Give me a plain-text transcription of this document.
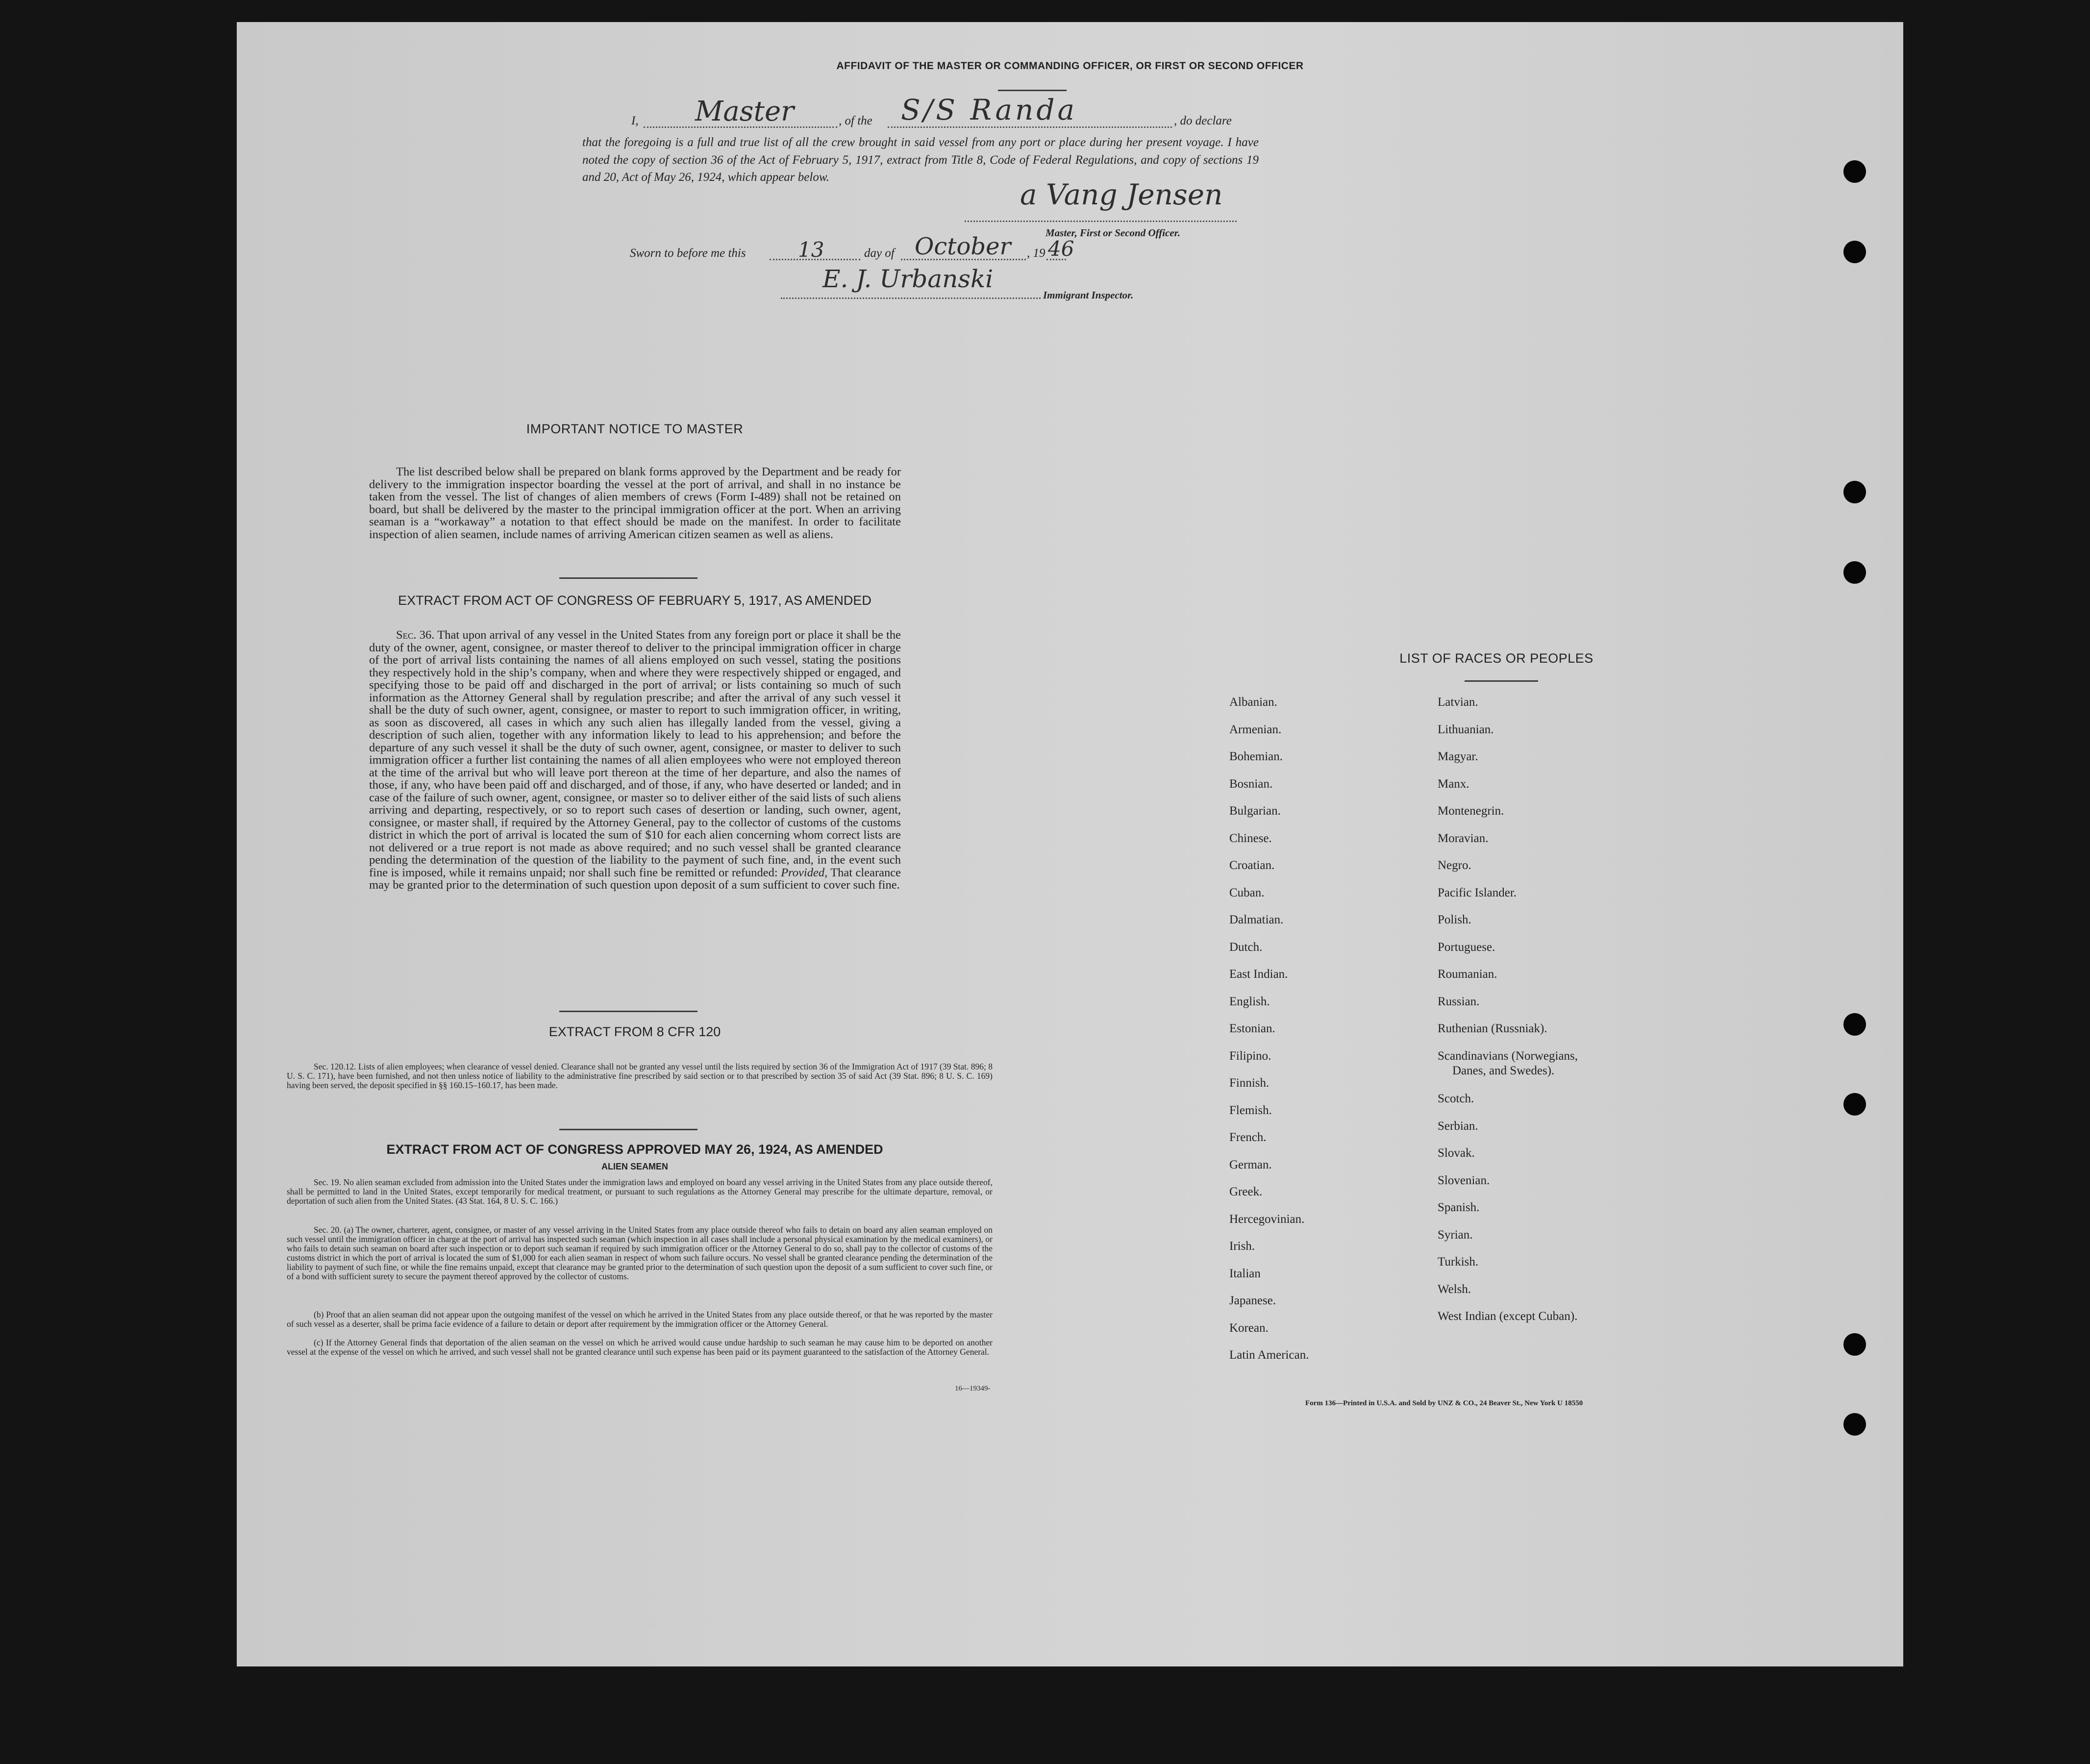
AFFIDAVIT OF THE MASTER OR COMMANDING OFFICER, OR FIRST OR SECOND OFFICER
I, Master	, of the S/S Randa	, do declare
that the foregoing is a full and true list of all the crew brought in said vessel from any port or place during her present voyage. I have noted the copy of section 36 of the Act of February 5, 1917, extract from Title 8, Code of Federal Regulations, and copy of sections 19 and 20, Act of May 26, 1924, which appear below.
a Vang Jensen
Master, First or Second Officer.
Sworn to before me this	13	day of October , 19 46
E. J. Urbanski
Immigrant Inspector.
IMPORTANT NOTICE TO MASTER
The list described below shall be prepared on blank forms approved by the Department and be ready for delivery to the immigration inspector boarding the vessel at the port of arrival, and shall in no instance be taken from the vessel. The list of changes of alien members of crews (Form I-489) shall not be retained on board, but shall be delivered by the master to the principal immigration officer at the port. When an arriving seaman is a “workaway” a notation to that effect should be made on the manifest. In order to facilitate inspection of alien seamen, include names of arriving American citizen seamen as well as aliens.
EXTRACT FROM ACT OF CONGRESS OF FEBRUARY 5, 1917, AS AMENDED
Sec. 36. That upon arrival of any vessel in the United States from any foreign port or place it shall be the duty of the owner, agent, consignee, or master thereof to deliver to the principal immigration officer in charge of the port of arrival lists containing the names of all aliens employed on such vessel, stating the positions they respectively hold in the ship’s company, when and where they were respectively shipped or engaged, and specifying those to be paid off and discharged in the port of arrival; or lists containing so much of such information as the Attorney General shall by regulation prescribe; and after the arrival of any such vessel it shall be the duty of such owner, agent, consignee, or master to report to such immigration officer, in writing, as soon as discovered, all cases in which any such alien has illegally landed from the vessel, giving a description of such alien, together with any information likely to lead to his apprehension; and before the departure of any such vessel it shall be the duty of such owner, agent, consignee, or master to deliver to such immigration officer a further list containing the names of all alien employees who were not employed thereon at the time of the arrival but who will leave port thereon at the time of her departure, and also the names of those, if any, who have been paid off and discharged, and of those, if any, who have deserted or landed; and in case of the failure of such owner, agent, consignee, or master so to deliver either of the said lists of such aliens arriving and departing, respectively, or so to report such cases of desertion or landing, such owner, agent, consignee, or master shall, if required by the Attorney General, pay to the collector of customs of the customs district in which the port of arrival is located the sum of $10 for each alien concerning whom correct lists are not delivered or a true report is not made as above required; and no such vessel shall be granted clearance pending the determination of the question of the liability to the payment of such fine, and, in the event such fine is imposed, while it remains unpaid; nor shall such fine be remitted or refunded: Provided, That clearance may be granted prior to the determination of such question upon deposit of a sum sufficient to cover such fine.
EXTRACT FROM 8 CFR 120
Sec. 120.12. Lists of alien employees; when clearance of vessel denied. Clearance shall not be granted any vessel until the lists required by section 36 of the Immigration Act of 1917 (39 Stat. 896; 8 U. S. C. 171), have been furnished, and not then unless notice of liability to the administrative fine prescribed by said section or to that prescribed by section 35 of said Act (39 Stat. 896; 8 U. S. C. 169) having been served, the deposit specified in §§ 160.15–160.17, has been made.
EXTRACT FROM ACT OF CONGRESS APPROVED MAY 26, 1924, AS AMENDED
ALIEN SEAMEN
Sec. 19. No alien seaman excluded from admission into the United States under the immigration laws and employed on board any vessel arriving in the United States from any place outside thereof, shall be permitted to land in the United States, except temporarily for medical treatment, or pursuant to such regulations as the Attorney General may prescribe for the ultimate departure, removal, or deportation of such alien from the United States. (43 Stat. 164, 8 U. S. C. 166.)
Sec. 20. (a) The owner, charterer, agent, consignee, or master of any vessel arriving in the United States from any place outside thereof who fails to detain on board any alien seaman employed on such vessel until the immigration officer in charge at the port of arrival has inspected such seaman (which inspection in all cases shall include a personal physical examination by the medical examiners), or who fails to detain such seaman on board after such inspection or to deport such seaman if required by such immigration officer or the Attorney General to do so, shall pay to the collector of customs of the customs district in which the port of arrival is located the sum of $1,000 for each alien seaman in respect of whom such failure occurs. No vessel shall be granted clearance pending the determination of the liability to payment of such fine, or while the fine remains unpaid, except that clearance may be granted prior to the determination of such question upon the deposit of a sum sufficient to cover such fine, or of a bond with sufficient surety to secure the payment thereof approved by the collector of customs.
(b) Proof that an alien seaman did not appear upon the outgoing manifest of the vessel on which he arrived in the United States from any place outside thereof, or that he was reported by the master of such vessel as a deserter, shall be prima facie evidence of a failure to detain or deport after requirement by the immigration officer or the Attorney General.
(c) If the Attorney General finds that deportation of the alien seaman on the vessel on which he arrived would cause undue hardship to such seaman he may cause him to be deported on another vessel at the expense of the vessel on which he arrived, and such vessel shall not be granted clearance until such expense has been paid or its payment guaranteed to the satisfaction of the Attorney General.
16—19349-
LIST OF RACES OR PEOPLES
Albanian.
Armenian.
Bohemian.
Bosnian.
Bulgarian.
Chinese.
Croatian.
Cuban.
Dalmatian.
Dutch.
East Indian.
English.
Estonian.
Filipino.
Finnish.
Flemish.
French.
German.
Greek.
Hercegovinian.
Irish.
Italian
Japanese.
Korean.
Latin American.
Latvian.
Lithuanian.
Magyar.
Manx.
Montenegrin.
Moravian.
Negro.
Pacific Islander.
Polish.
Portuguese.
Roumanian.
Russian.
Ruthenian (Russniak).
Scandinavians (Norwegians,
Danes, and Swedes).
Scotch.
Serbian.
Slovak.
Slovenian.
Spanish.
Syrian.
Turkish.
Welsh.
West Indian (except Cuban).
Form 136—Printed in U.S.A. and Sold by UNZ & CO., 24 Beaver St., New York U 18550
